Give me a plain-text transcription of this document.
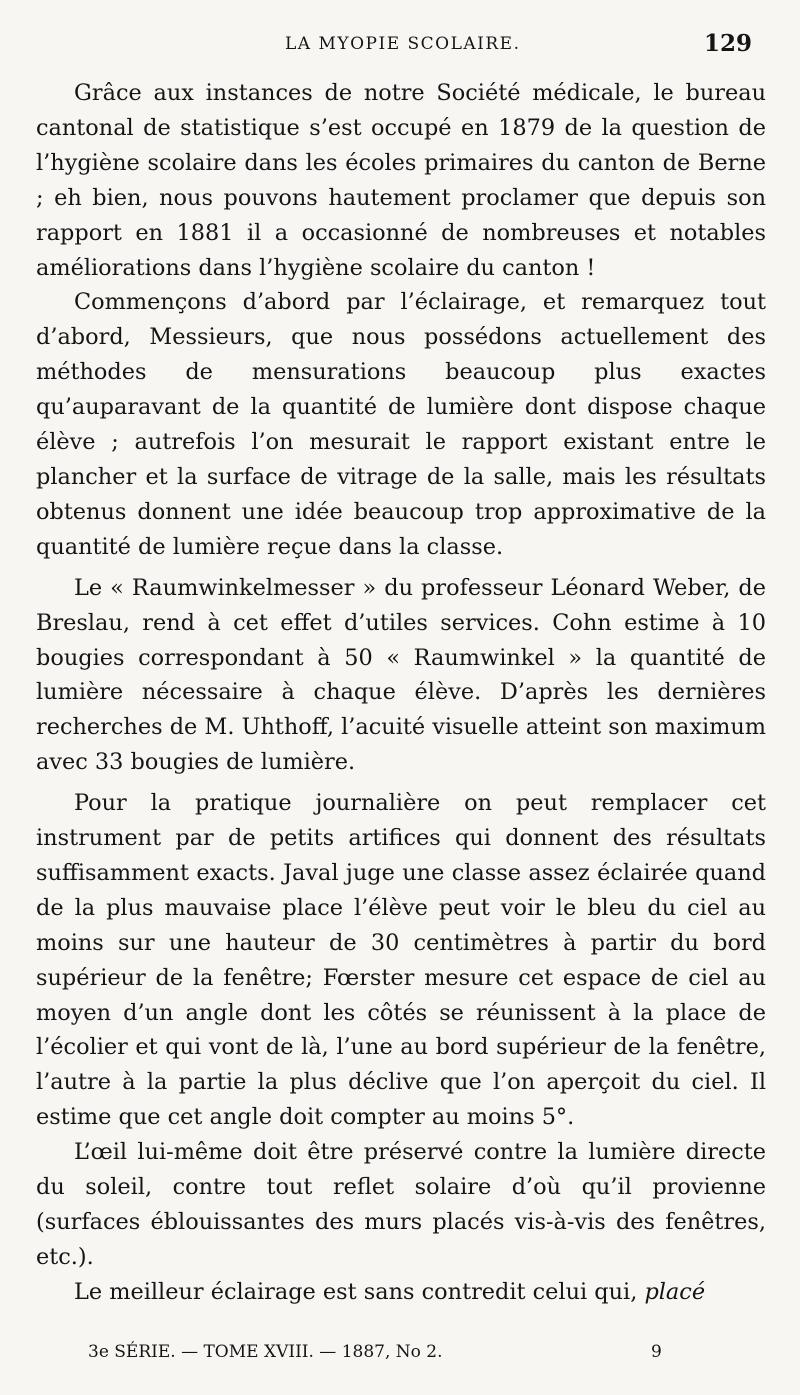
LA MYOPIE SCOLAIRE.	129

Grâce aux instances de notre Société médicale, le bureau cantonal de statistique s’est occupé en 1879 de la question de l’hygiène scolaire dans les écoles primaires du canton de Berne ; eh bien, nous pouvons hautement proclamer que depuis son rapport en 1881 il a occasionné de nombreuses et notables améliorations dans l’hygiène scolaire du canton !

Commençons d’abord par l’éclairage, et remarquez tout d’abord, Messieurs, que nous possédons actuellement des méthodes de mensurations beaucoup plus exactes qu’auparavant de la quantité de lumière dont dispose chaque élève ; autrefois l’on mesurait le rapport existant entre le plancher et la surface de vitrage de la salle, mais les résultats obtenus donnent une idée beaucoup trop approximative de la quantité de lumière reçue dans la classe.

Le « Raumwinkelmesser » du professeur Léonard Weber, de Breslau, rend à cet effet d’utiles services. Cohn estime à 10 bougies correspondant à 50 « Raumwinkel » la quantité de lumière nécessaire à chaque élève. D’après les dernières recherches de M. Uhthoff, l’acuité visuelle atteint son maximum avec 33 bougies de lumière.

Pour la pratique journalière on peut remplacer cet instrument par de petits artifices qui donnent des résultats suffisamment exacts. Javal juge une classe assez éclairée quand de la plus mauvaise place l’élève peut voir le bleu du ciel au moins sur une hauteur de 30 centimètres à partir du bord supérieur de la fenêtre; Fœrster mesure cet espace de ciel au moyen d’un angle dont les côtés se réunissent à la place de l’écolier et qui vont de là, l’une au bord supérieur de la fenêtre, l’autre à la partie la plus déclive que l’on aperçoit du ciel. Il estime que cet angle doit compter au moins 5°.

L’œil lui-même doit être préservé contre la lumière directe du soleil, contre tout reflet solaire d’où qu’il provienne (surfaces éblouissantes des murs placés vis-à-vis des fenêtres, etc.).

Le meilleur éclairage est sans contredit celui qui, placé

3e SÉRIE. — TOME XVIII. — 1887, No 2.	9
